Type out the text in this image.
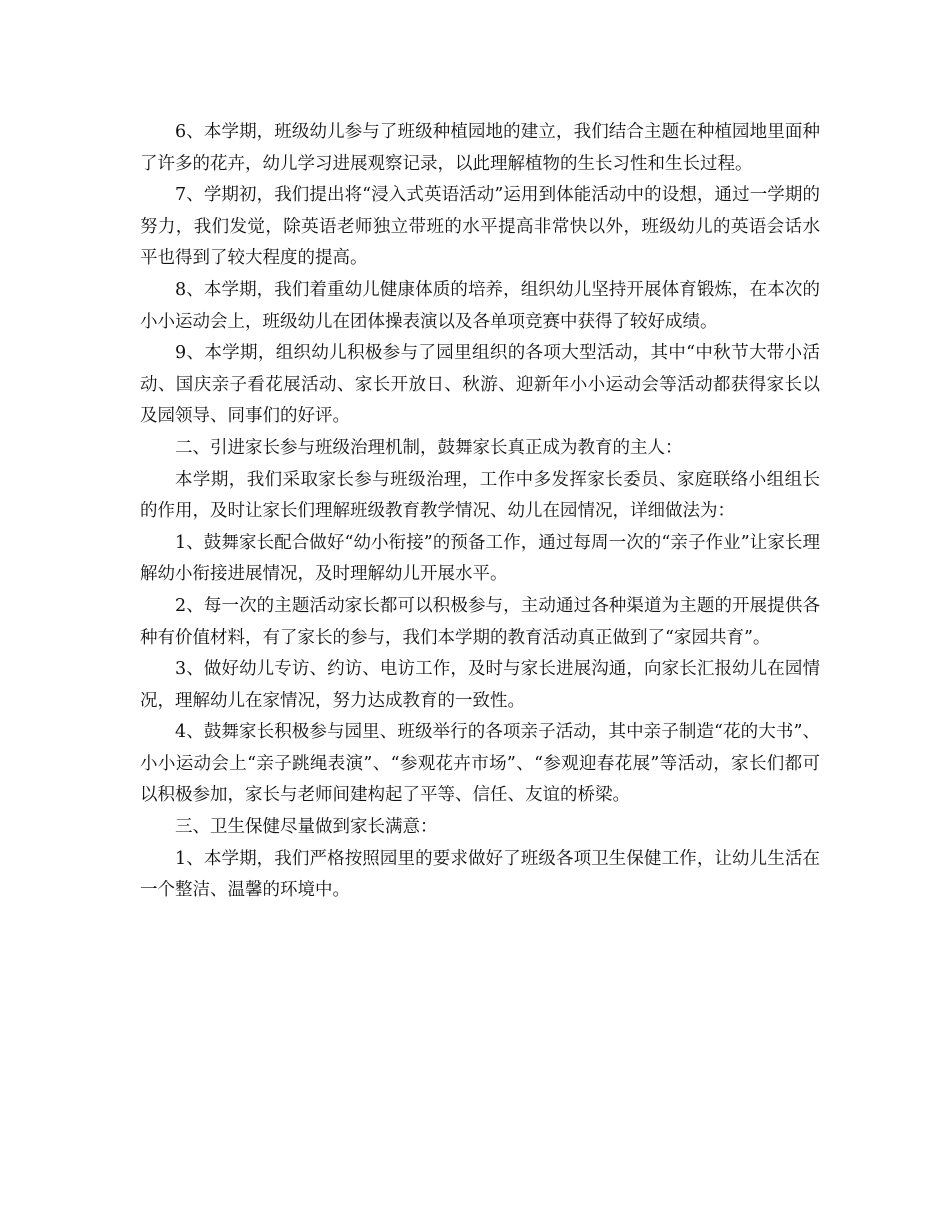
6、本学期，班级幼儿参与了班级种植园地的建立，我们结合主题在种植园地里面种了许多的花卉，幼儿学习进展观察记录，以此理解植物的生长习性和生长过程。

7、学期初，我们提出将“浸入式英语活动”运用到体能活动中的设想，通过一学期的努力，我们发觉，除英语老师独立带班的水平提高非常快以外，班级幼儿的英语会话水平也得到了较大程度的提高。

8、本学期，我们着重幼儿健康体质的培养，组织幼儿坚持开展体育锻炼，在本次的小小运动会上，班级幼儿在团体操表演以及各单项竞赛中获得了较好成绩。

9、本学期，组织幼儿积极参与了园里组织的各项大型活动，其中“中秋节大带小活动、国庆亲子看花展活动、家长开放日、秋游、迎新年小小运动会等活动都获得家长以及园领导、同事们的好评。

二、引进家长参与班级治理机制，鼓舞家长真正成为教育的主人：

本学期，我们采取家长参与班级治理，工作中多发挥家长委员、家庭联络小组组长的作用，及时让家长们理解班级教育教学情况、幼儿在园情况，详细做法为：

1、鼓舞家长配合做好“幼小衔接”的预备工作，通过每周一次的“亲子作业”让家长理解幼小衔接进展情况，及时理解幼儿开展水平。

2、每一次的主题活动家长都可以积极参与，主动通过各种渠道为主题的开展提供各种有价值材料，有了家长的参与，我们本学期的教育活动真正做到了“家园共育”。

3、做好幼儿专访、约访、电访工作，及时与家长进展沟通，向家长汇报幼儿在园情况，理解幼儿在家情况，努力达成教育的一致性。

4、鼓舞家长积极参与园里、班级举行的各项亲子活动，其中亲子制造“花的大书”、小小运动会上“亲子跳绳表演”、“参观花卉市场”、“参观迎春花展”等活动，家长们都可以积极参加，家长与老师间建构起了平等、信任、友谊的桥梁。

三、卫生保健尽量做到家长满意：

1、本学期，我们严格按照园里的要求做好了班级各项卫生保健工作，让幼儿生活在一个整洁、温馨的环境中。
